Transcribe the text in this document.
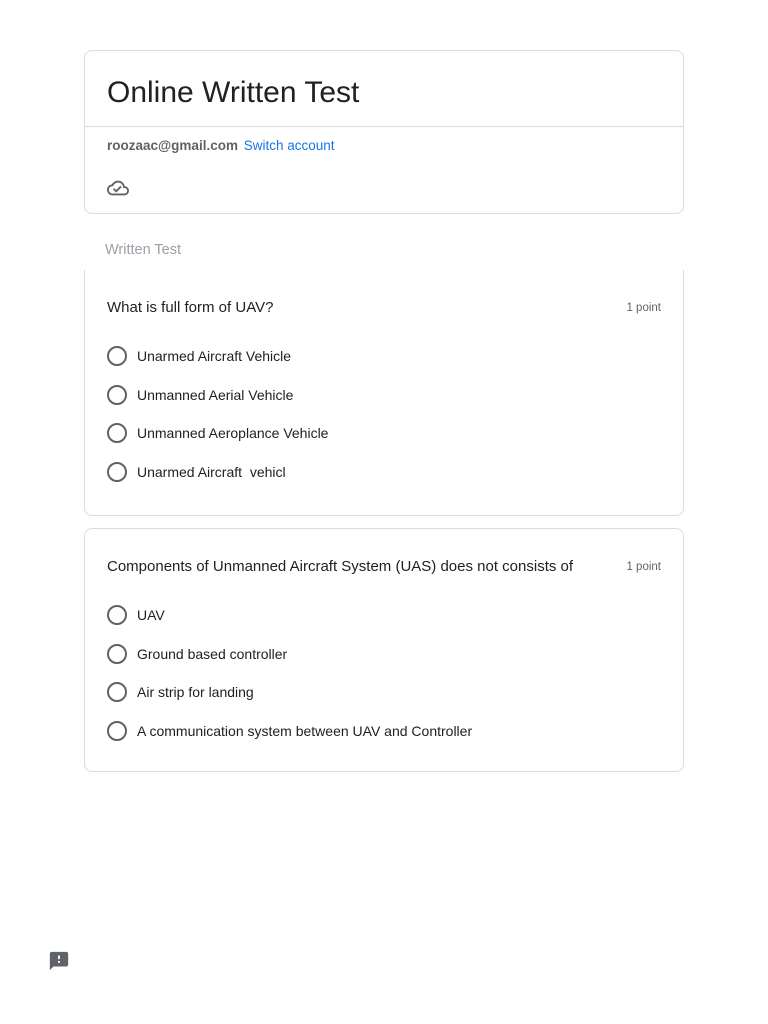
Online Written Test
roozaac@gmail.com Switch account
Written Test

What is full form of UAV?	1 point
Unarmed Aircraft Vehicle
Unmanned Aerial Vehicle
Unmanned Aeroplance Vehicle
Unarmed Aircraft  vehicl

Components of Unmanned Aircraft System (UAS) does not consists of	1 point
UAV
Ground based controller
Air strip for landing
A communication system between UAV and Controller
